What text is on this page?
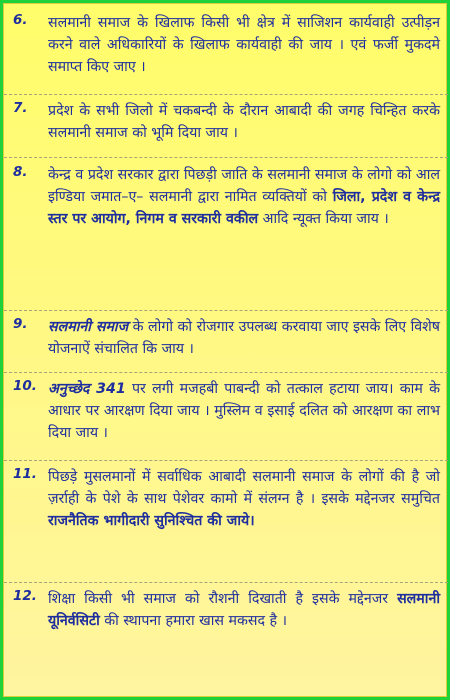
6. सलमानी समाज के खिलाफ किसी भी क्षेत्र में साजिशन कार्यवाही उत्पीड़न करने वाले अधिकारियों के खिलाफ कार्यवाही की जाय । एवं फर्जी मुकदमे समाप्त किए जाए ।
7. प्रदेश के सभी जिलो में चकबन्दी के दौरान आबादी की जगह चिन्हित करके सलमानी समाज को भूमि दिया जाय ।
8. केन्द्र व प्रदेश सरकार द्वारा पिछड़ी जाति के सलमानी समाज के लोगो को आल इण्डिया जमात–ए– सलमानी द्वारा नामित व्यक्तियों को जिला, प्रदेश व केन्द्र स्तर पर आयोग, निगम व सरकारी वकील आदि न्यूक्त किया जाय ।
9. सलमानी समाज के लोगो को रोजगार उपलब्ध करवाया जाए इसके लिए विशेष योजनाऐं संचालित कि जाय ।
10. अनुच्छेद 341 पर लगी मजहबी पाबन्दी को तत्काल हटाया जाय। काम के आधार पर आरक्षण दिया जाय । मुस्लिम व इसाई दलित को आरक्षण का लाभ दिया जाय ।
11. पिछड़े मुसलमानों में सर्वाधिक आबादी सलमानी समाज के लोगों की है जो ज़र्राही के पेशे के साथ पेशेवर कामो में संलग्न है । इसके मद्देनजर समुचित राजनैतिक भागीदारी सुनिश्चित की जाये।
12. शिक्षा किसी भी समाज को रौशनी दिखाती है इसके मद्देनजर सलमानी यूनिर्वसिटी की स्थापना हमारा खास मकसद है ।
